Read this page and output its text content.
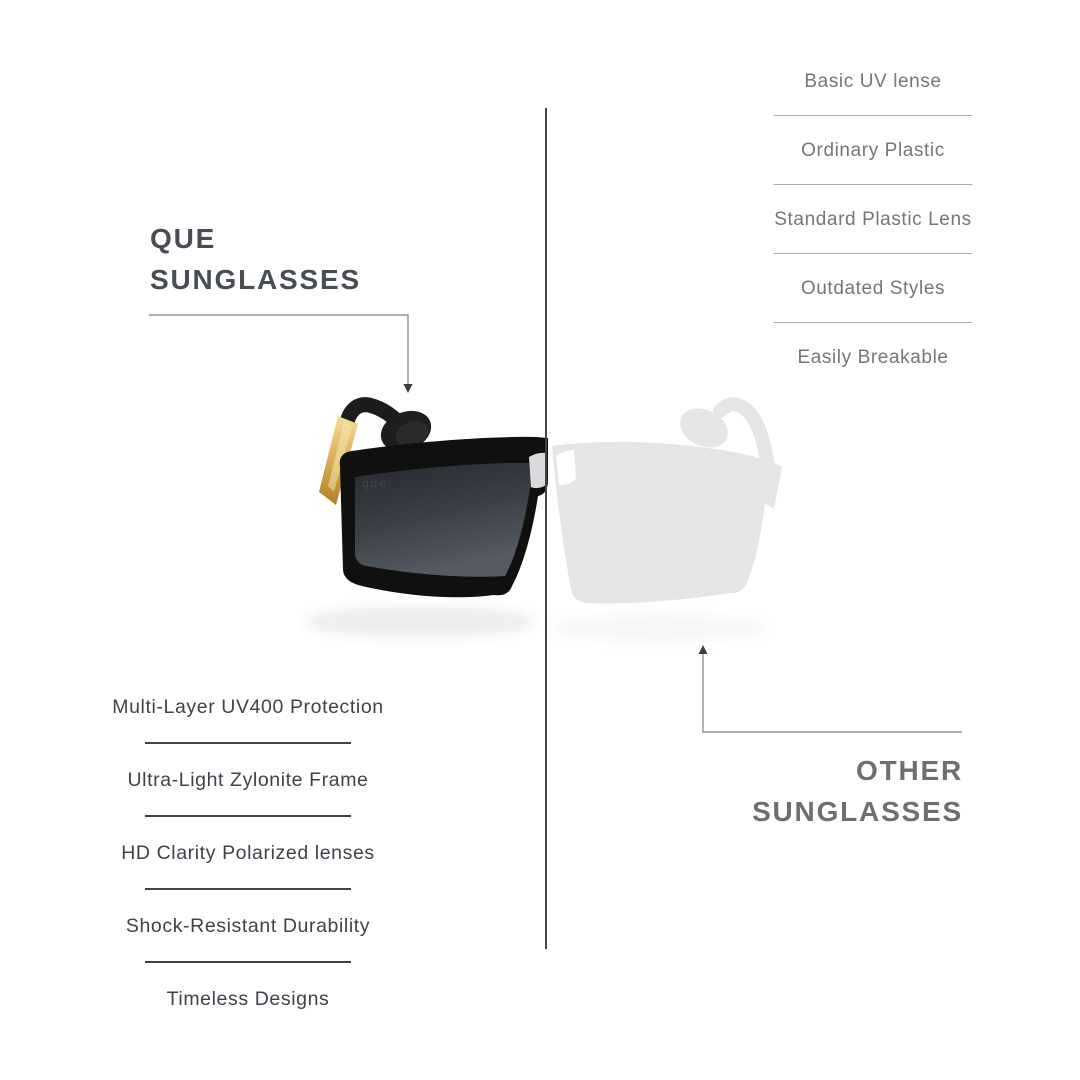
QUE
SUNGLASSES
Basic UV lense
Ordinary Plastic
Standard Plastic Lens
Outdated Styles
Easily Breakable
Multi-Layer UV400 Protection
Ultra-Light Zylonite Frame
HD Clarity Polarized lenses
Shock-Resistant Durability
Timeless Designs
que
OTHER
SUNGLASSES
